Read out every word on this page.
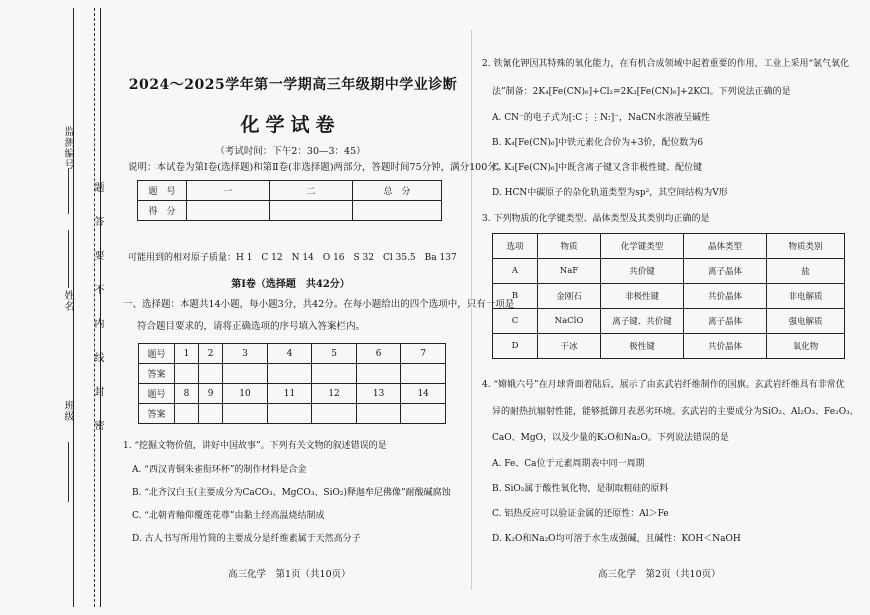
监测编号
姓名
班级
题
答
要
不
内
线
封
密
2024～2025学年第一学期高三年级期中学业诊断
化学试卷
（考试时间：下午2：30—3：45）
说明：本试卷为第Ⅰ卷(选择题)和第Ⅱ卷(非选择题)两部分，答题时间75分钟，满分100分。
题　号	一	二	总　分
得　分			
可能用到的相对原子质量：H 1　C 12　N 14　O 16　S 32　Cl 35.5　Ba 137
第Ⅰ卷（选择题　共42分）
一、选择题：本题共14小题，每小题3分，共42分。在每小题给出的四个选项中，只有一项是
符合题目要求的，请将正确选项的序号填入答案栏内。
题号	1	2	3	4	5	6	7
答案							
题号	8	9	10	11	12	13	14
答案							
1. “挖掘文物价值，讲好中国故事”。下列有关文物的叙述错误的是
A. “西汉青铜朱雀衔环杯”的制作材料是合金
B. “北齐汉白玉(主要成分为CaCO₃、MgCO₃、SiO₂)释迦牟尼佛像”耐酸碱腐蚀
C. “北朝青釉仰覆莲花尊”由黏土经高温烧结制成
D. 古人书写所用竹简的主要成分是纤维素属于天然高分子
高三化学　第1页（共10页）
2. 铁氰化钾因其特殊的氧化能力，在有机合成领域中起着重要的作用，工业上采用“氯气氧化
法”制备：2K₄[Fe(CN)₆]+Cl₂=2K₃[Fe(CN)₆]+2KCl。下列说法正确的是
A. CN⁻的电子式为[:C⋮⋮N:]⁻，NaCN水溶液呈碱性
B. K₄[Fe(CN)₆]中铁元素化合价为+3价，配位数为6
C. K₃[Fe(CN)₆]中既含离子键又含非极性键、配位键
D. HCN中碳原子的杂化轨道类型为sp²，其空间结构为V形
3. 下列物质的化学键类型、晶体类型及其类别均正确的是
选项	物质	化学键类型	晶体类型	物质类别
A	NaF	共价键	离子晶体	盐
B	金刚石	非极性键	共价晶体	非电解质
C	NaClO	离子键、共价键	离子晶体	强电解质
D	干冰	极性键	共价晶体	氧化物
4. “嫦娥六号”在月球背面着陆后，展示了由玄武岩纤维制作的国旗。玄武岩纤维具有非常优
异的耐热抗辐射性能，能够抵御月表恶劣环境。玄武岩的主要成分为SiO₂、Al₂O₃、Fe₂O₃、
CaO、MgO，以及少量的K₂O和Na₂O。下列说法错误的是
A. Fe、Ca位于元素周期表中同一周期
B. SiO₂属于酸性氧化物，是制取粗硅的原料
C. 铝热反应可以验证金属的还原性：Al＞Fe
D. K₂O和Na₂O均可溶于水生成强碱，且碱性：KOH＜NaOH
高三化学　第2页（共10页）
